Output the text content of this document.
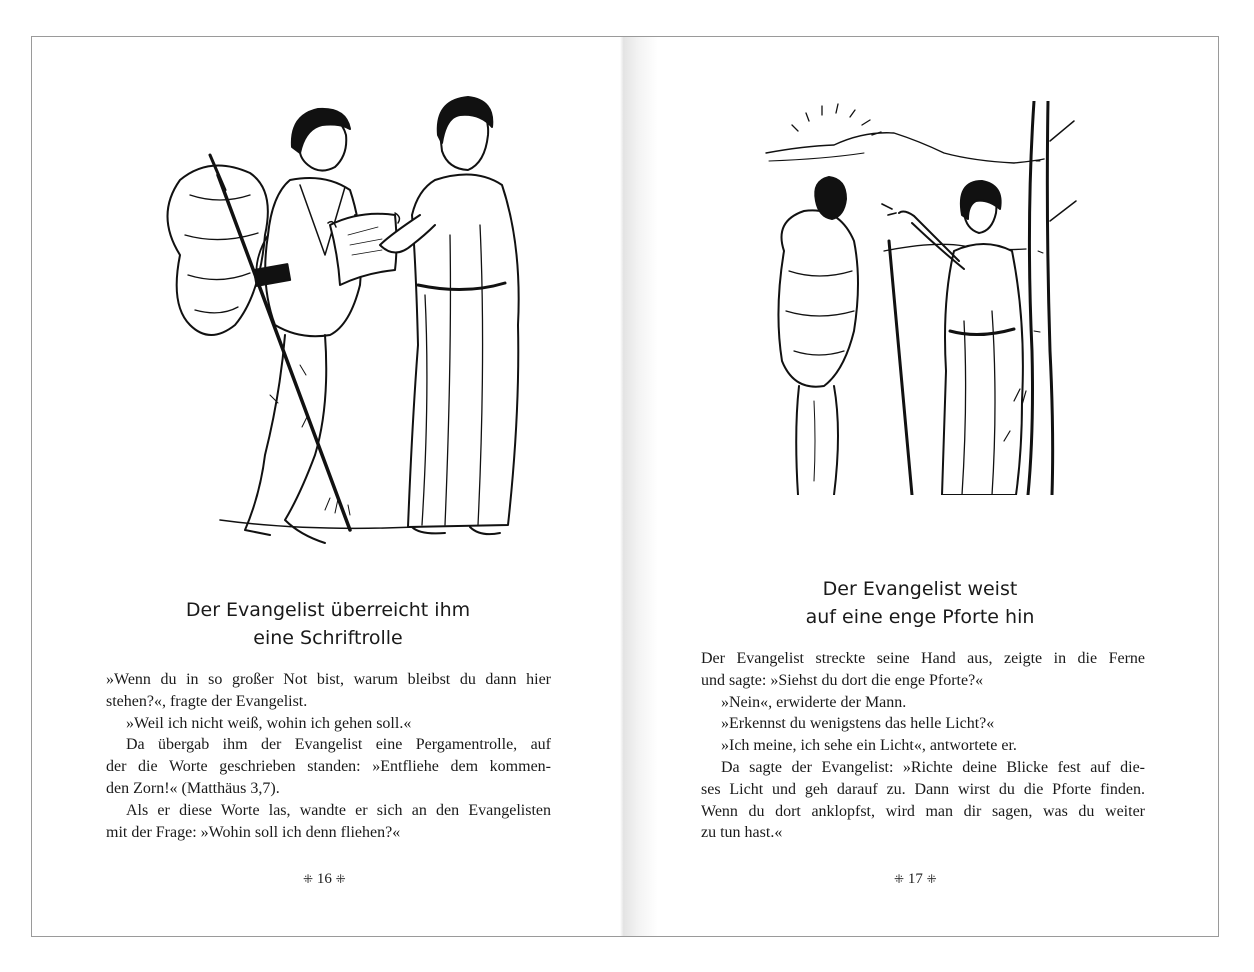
Der Evangelist überreicht ihm
eine Schriftrolle
»Wenn du in so großer Not bist, warum bleibst du dann hier
stehen?«, fragte der Evangelist.
»Weil ich nicht weiß, wohin ich gehen soll.«
Da übergab ihm der Evangelist eine Pergamentrolle, auf
der die Worte geschrieben standen: »Entfliehe dem kommen-
den Zorn!« (Matthäus 3,7).
Als er diese Worte las, wandte er sich an den Evangelisten
mit der Frage: »Wohin soll ich denn fliehen?«
⁜ 16 ⁜
Der Evangelist weist
auf eine enge Pforte hin
Der Evangelist streckte seine Hand aus, zeigte in die Ferne
und sagte: »Siehst du dort die enge Pforte?«
»Nein«, erwiderte der Mann.
»Erkennst du wenigstens das helle Licht?«
»Ich meine, ich sehe ein Licht«, antwortete er.
Da sagte der Evangelist: »Richte deine Blicke fest auf die-
ses Licht und geh darauf zu. Dann wirst du die Pforte finden.
Wenn du dort anklopfst, wird man dir sagen, was du weiter
zu tun hast.«
⁜ 17 ⁜
